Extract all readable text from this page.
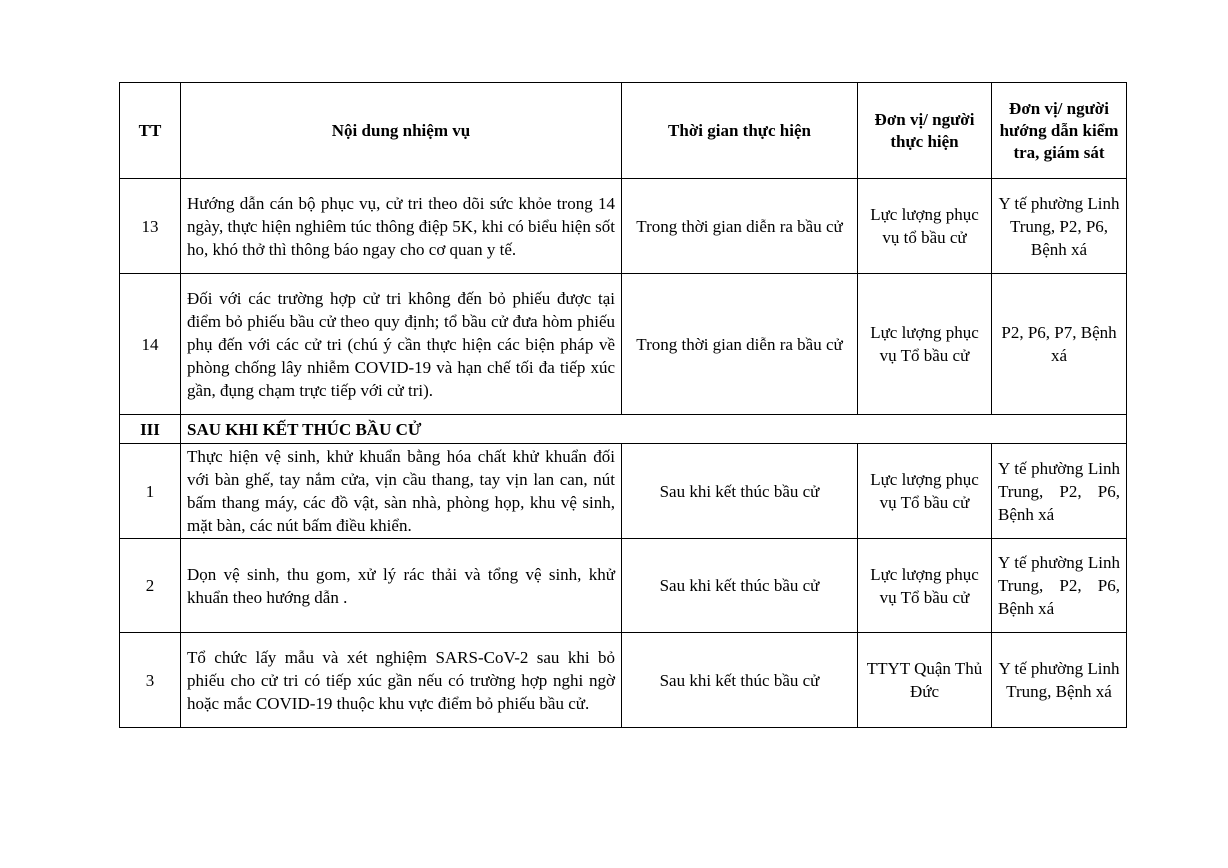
TT	Nội dung nhiệm vụ	Thời gian thực hiện	Đơn vị/ người thực hiện	Đơn vị/ người hướng dẫn kiểm tra, giám sát
13	Hướng dẫn cán bộ phục vụ, cử tri theo dõi sức khỏe trong 14 ngày, thực hiện nghiêm túc thông điệp 5K, khi có biểu hiện sốt ho, khó thở thì thông báo ngay cho cơ quan y tế.	Trong thời gian diễn ra bầu cử	Lực lượng phục vụ tổ bầu cử	Y tế phường Linh Trung, P2, P6, Bệnh xá
14	Đối với các trường hợp cử tri không đến bỏ phiếu được tại điểm bỏ phiếu bầu cử theo quy định; tổ bầu cử đưa hòm phiếu phụ đến với các cử tri (chú ý cần thực hiện các biện pháp về phòng chống lây nhiễm COVID-19 và hạn chế tối đa tiếp xúc gần, đụng chạm trực tiếp với cử tri).	Trong thời gian diễn ra bầu cử	Lực lượng phục vụ Tổ bầu cử	P2, P6, P7, Bệnh xá
III	SAU KHI KẾT THÚC BẦU CỬ			
1	Thực hiện vệ sinh, khử khuẩn bằng hóa chất khử khuẩn đối với bàn ghế, tay nắm cửa, vịn cầu thang, tay vịn lan can, nút bấm thang máy, các đồ vật, sàn nhà, phòng họp, khu vệ sinh, mặt bàn, các nút bấm điều khiển.	Sau khi kết thúc bầu cử	Lực lượng phục vụ Tổ bầu cử	Y tế phường Linh Trung, P2, P6, Bệnh xá
2	Dọn vệ sinh, thu gom, xử lý rác thải và tổng vệ sinh, khử khuẩn theo hướng dẫn .	Sau khi kết thúc bầu cử	Lực lượng phục vụ Tổ bầu cử	Y tế phường Linh Trung, P2, P6, Bệnh xá
3	Tổ chức lấy mẫu và xét nghiệm SARS-CoV-2 sau khi bỏ phiếu cho cử tri có tiếp xúc gần nếu có trường hợp nghi ngờ hoặc mắc COVID-19 thuộc khu vực điểm bỏ phiếu bầu cử.	Sau khi kết thúc bầu cử	TTYT Quận Thủ Đức	Y tế phường Linh Trung, Bệnh xá
